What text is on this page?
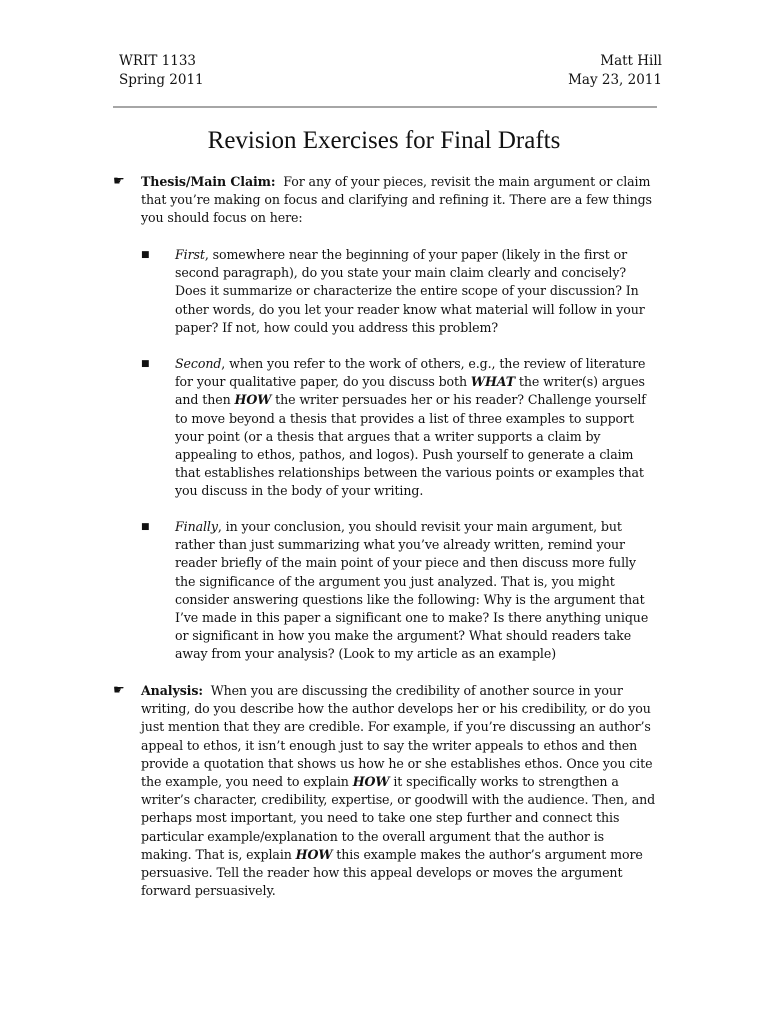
WRIT 1133
Spring 2011
Matt Hill
May 23, 2011
Revision Exercises for Final Drafts
☛ Thesis/Main Claim: For any of your pieces, revisit the main argument or claim that you’re making on focus and clarifying and refining it. There are a few things you should focus on here:
■ First, somewhere near the beginning of your paper (likely in the first or second paragraph), do you state your main claim clearly and concisely? Does it summarize or characterize the entire scope of your discussion? In other words, do you let your reader know what material will follow in your paper? If not, how could you address this problem?
■ Second, when you refer to the work of others, e.g., the review of literature for your qualitative paper, do you discuss both WHAT the writer(s) argues and then HOW the writer persuades her or his reader? Challenge yourself to move beyond a thesis that provides a list of three examples to support your point (or a thesis that argues that a writer supports a claim by appealing to ethos, pathos, and logos). Push yourself to generate a claim that establishes relationships between the various points or examples that you discuss in the body of your writing.
■ Finally, in your conclusion, you should revisit your main argument, but rather than just summarizing what you’ve already written, remind your reader briefly of the main point of your piece and then discuss more fully the significance of the argument you just analyzed. That is, you might consider answering questions like the following: Why is the argument that I’ve made in this paper a significant one to make? Is there anything unique or significant in how you make the argument? What should readers take away from your analysis? (Look to my article as an example)
☛ Analysis: When you are discussing the credibility of another source in your writing, do you describe how the author develops her or his credibility, or do you just mention that they are credible. For example, if you’re discussing an author’s appeal to ethos, it isn’t enough just to say the writer appeals to ethos and then provide a quotation that shows us how he or she establishes ethos. Once you cite the example, you need to explain HOW it specifically works to strengthen a writer’s character, credibility, expertise, or goodwill with the audience. Then, and perhaps most important, you need to take one step further and connect this particular example/explanation to the overall argument that the author is making. That is, explain HOW this example makes the author’s argument more persuasive. Tell the reader how this appeal develops or moves the argument forward persuasively.
